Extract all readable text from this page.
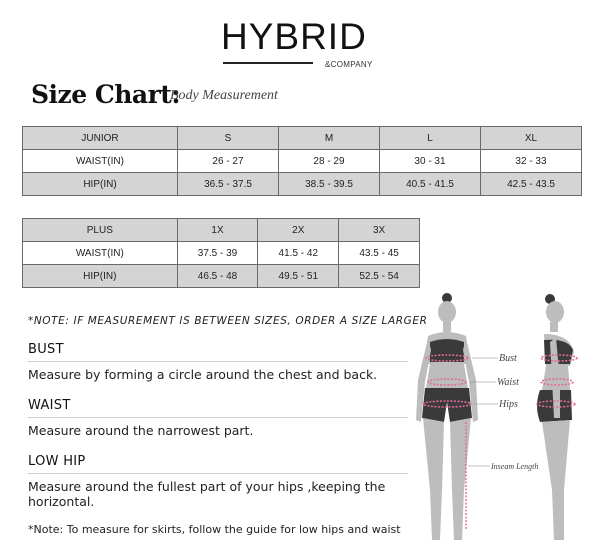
HYBRID
&COMPANY
Size Chart:
Body Measurement
JUNIOR	S	M	L	XL
WAIST(IN)	26 - 27	28 - 29	30 - 31	32 - 33
HIP(IN)	36.5 - 37.5	38.5 - 39.5	40.5 - 41.5	42.5 - 43.5
PLUS	1X	2X	3X
WAIST(IN)	37.5 - 39	41.5 - 42	43.5 - 45
HIP(IN)	46.5 - 48	49.5 - 51	52.5 - 54
*NOTE: IF MEASUREMENT IS BETWEEN SIZES, ORDER A SIZE LARGER
BUST
Measure by forming a circle around the chest and back.
WAIST
Measure around the narrowest part.
LOW HIP
Measure around the fullest part of your hips ,keeping the horizontal.
*Note: To measure for skirts, follow the guide for low hips and waist
Bust
Waist
Hips
Inseam Length
